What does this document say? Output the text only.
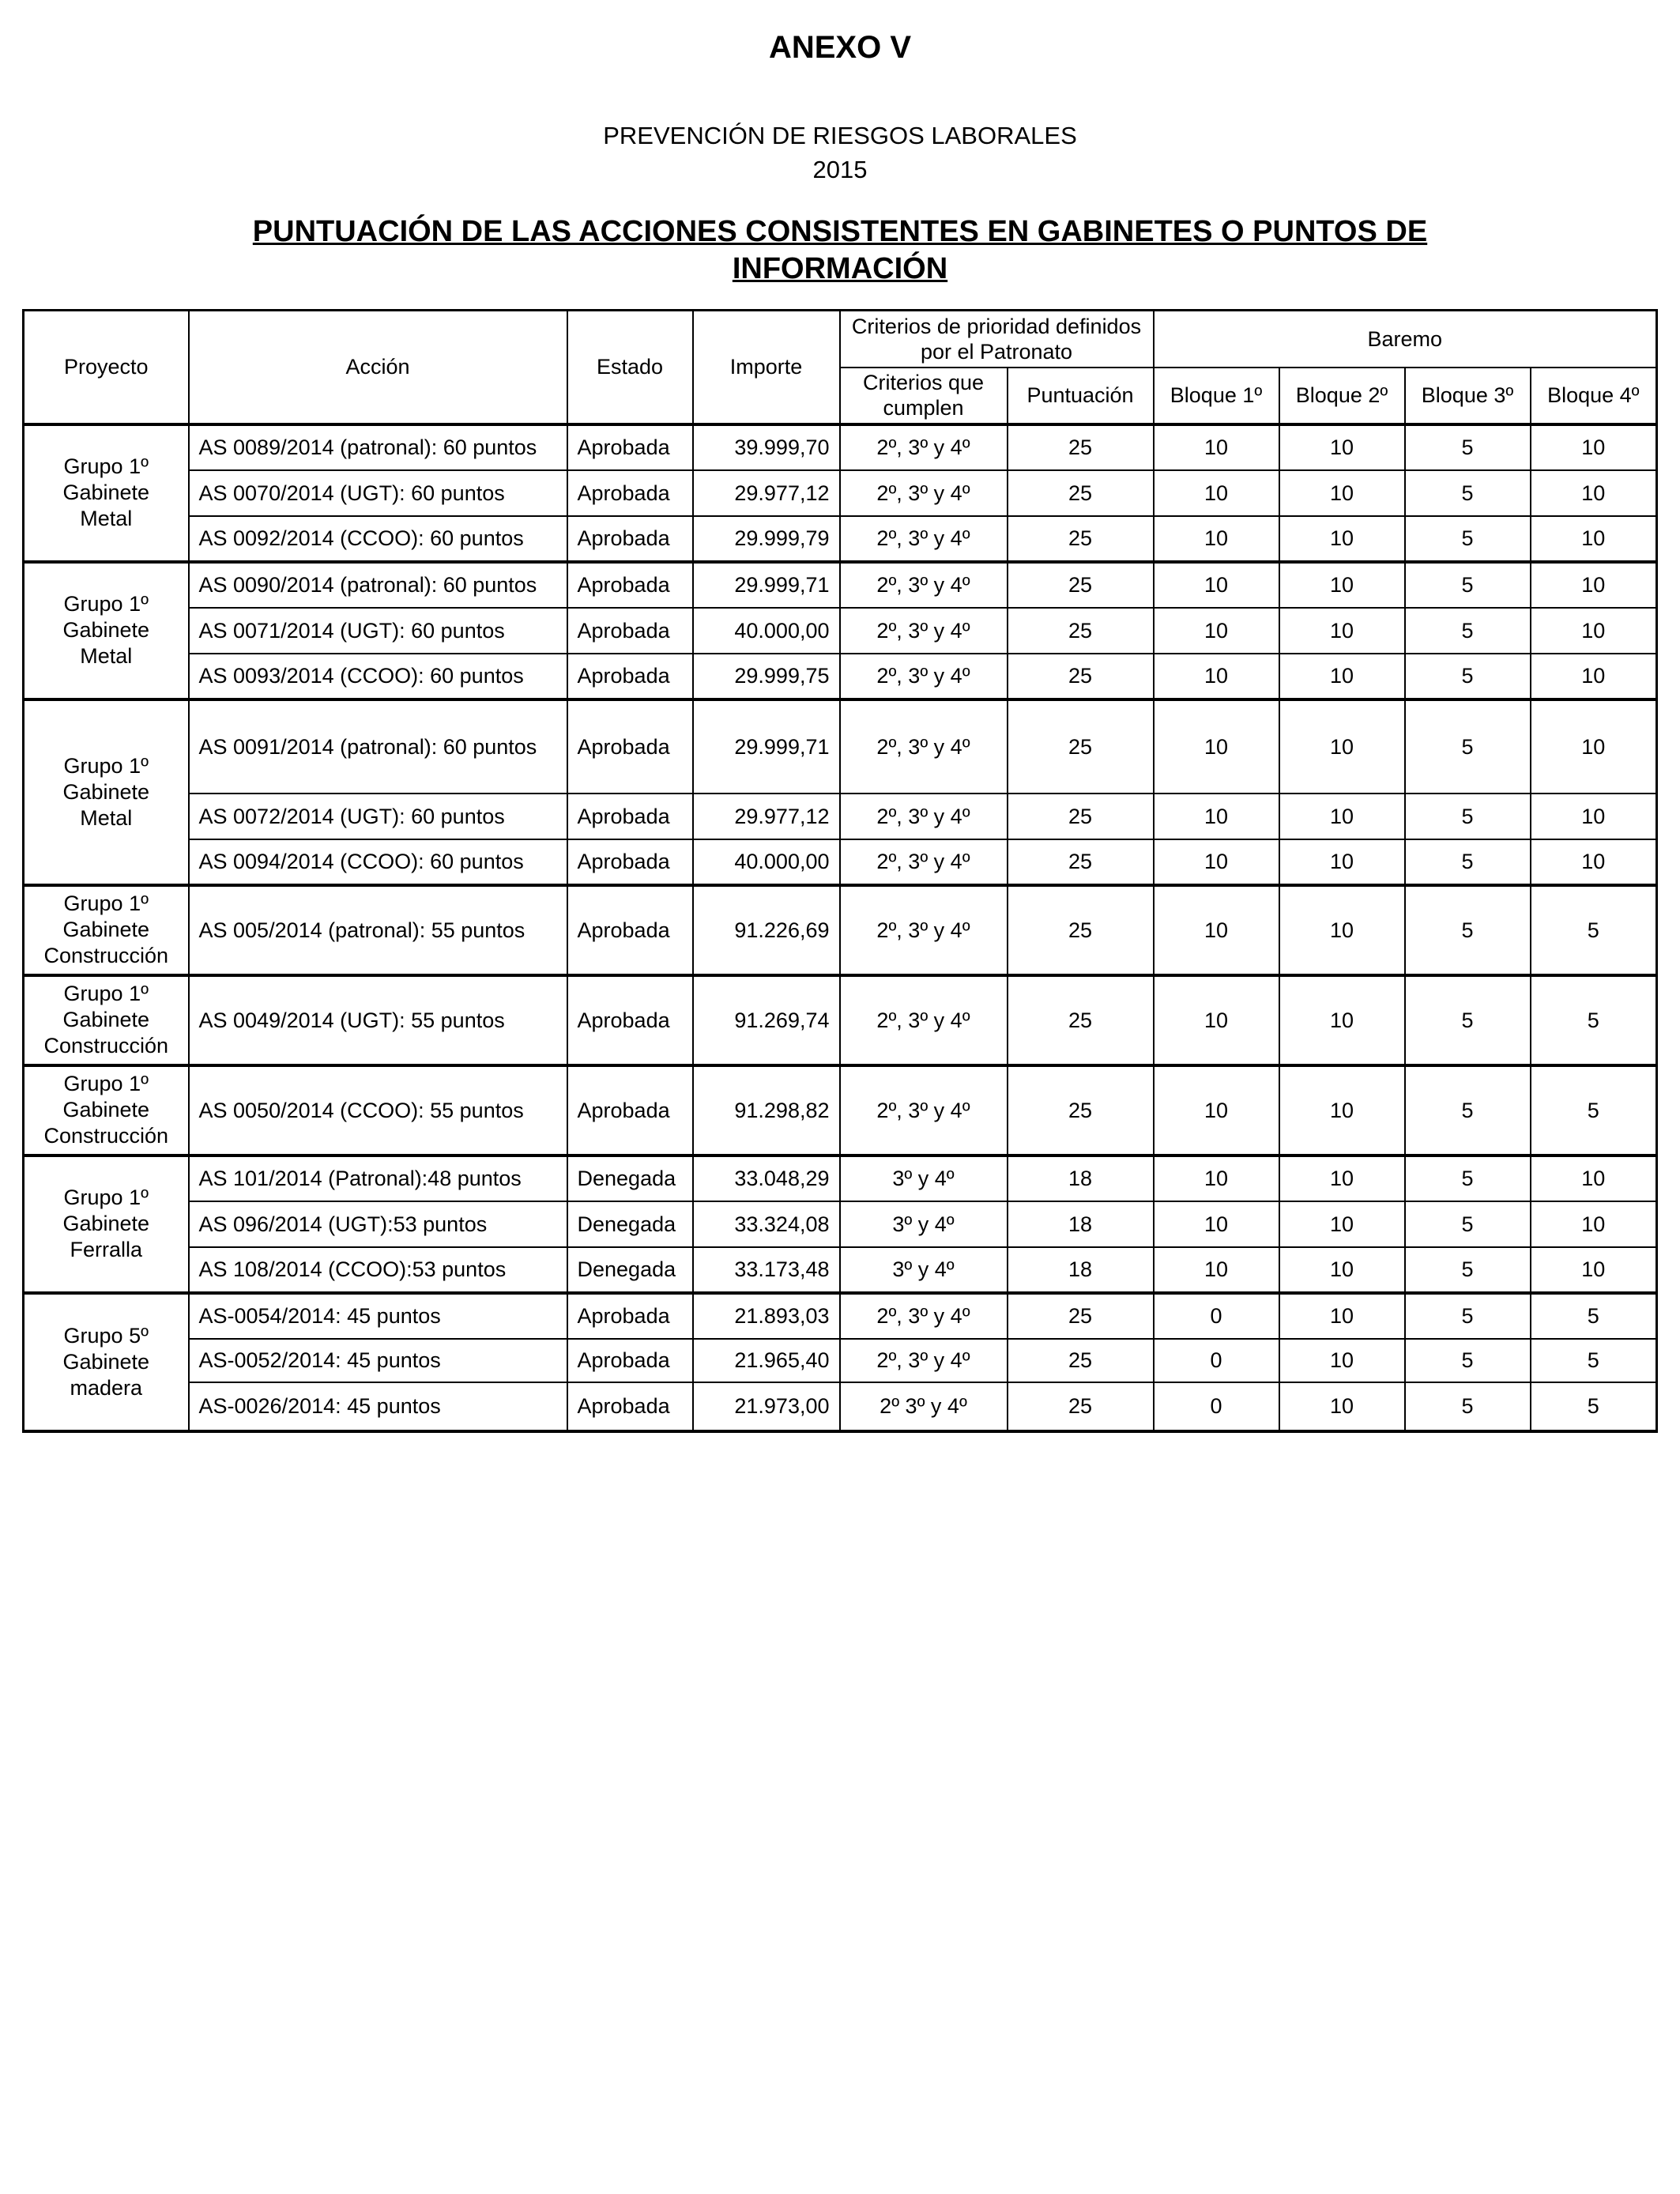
ANEXO V
PREVENCIÓN DE RIESGOS LABORALES
2015
PUNTUACIÓN DE LAS ACCIONES CONSISTENTES EN GABINETES O PUNTOS DE INFORMACIÓN
Proyecto	Acción	Estado	Importe	Criterios de prioridad definidos por el Patronato		Baremo			
				Criterios que cumplen	Puntuación	Bloque 1º	Bloque 2º	Bloque 3º	Bloque 4º

Grupo 1º
Gabinete
Metal	AS 0089/2014 (patronal): 60 puntos	Aprobada	39.999,70	2º, 3º y 4º	25	10	10	5	10
	AS 0070/2014 (UGT): 60 puntos	Aprobada	29.977,12	2º, 3º y 4º	25	10	10	5	10
	AS 0092/2014 (CCOO): 60 puntos	Aprobada	29.999,79	2º, 3º y 4º	25	10	10	5	10

Grupo 1º
Gabinete
Metal	AS 0090/2014 (patronal): 60 puntos	Aprobada	29.999,71	2º, 3º y 4º	25	10	10	5	10
	AS 0071/2014 (UGT): 60 puntos	Aprobada	40.000,00	2º, 3º y 4º	25	10	10	5	10
	AS 0093/2014 (CCOO): 60 puntos	Aprobada	29.999,75	2º, 3º y 4º	25	10	10	5	10

Grupo 1º
Gabinete
Metal	AS 0091/2014 (patronal): 60 puntos	Aprobada	29.999,71	2º, 3º y 4º	25	10	10	5	10
	AS 0072/2014 (UGT): 60 puntos	Aprobada	29.977,12	2º, 3º y 4º	25	10	10	5	10
	AS 0094/2014 (CCOO): 60 puntos	Aprobada	40.000,00	2º, 3º y 4º	25	10	10	5	10

Grupo 1º
Gabinete
Construcción	AS 005/2014 (patronal): 55 puntos	Aprobada	91.226,69	2º, 3º y 4º	25	10	10	5	5

Grupo 1º
Gabinete
Construcción	AS 0049/2014 (UGT): 55 puntos	Aprobada	91.269,74	2º, 3º y 4º	25	10	10	5	5

Grupo 1º
Gabinete
Construcción	AS 0050/2014 (CCOO): 55 puntos	Aprobada	91.298,82	2º, 3º y 4º	25	10	10	5	5

Grupo 1º
Gabinete
Ferralla	AS 101/2014 (Patronal):48 puntos	Denegada	33.048,29	3º y 4º	18	10	10	5	10
	AS 096/2014 (UGT):53 puntos	Denegada	33.324,08	3º y 4º	18	10	10	5	10
	AS 108/2014 (CCOO):53 puntos	Denegada	33.173,48	3º y 4º	18	10	10	5	10

Grupo 5º
Gabinete
madera	AS-0054/2014: 45 puntos	Aprobada	21.893,03	2º, 3º y 4º	25	0	10	5	5
	AS-0052/2014: 45 puntos	Aprobada	21.965,40	2º, 3º y 4º	25	0	10	5	5
	AS-0026/2014: 45 puntos	Aprobada	21.973,00	2º 3º y 4º	25	0	10	5	5
